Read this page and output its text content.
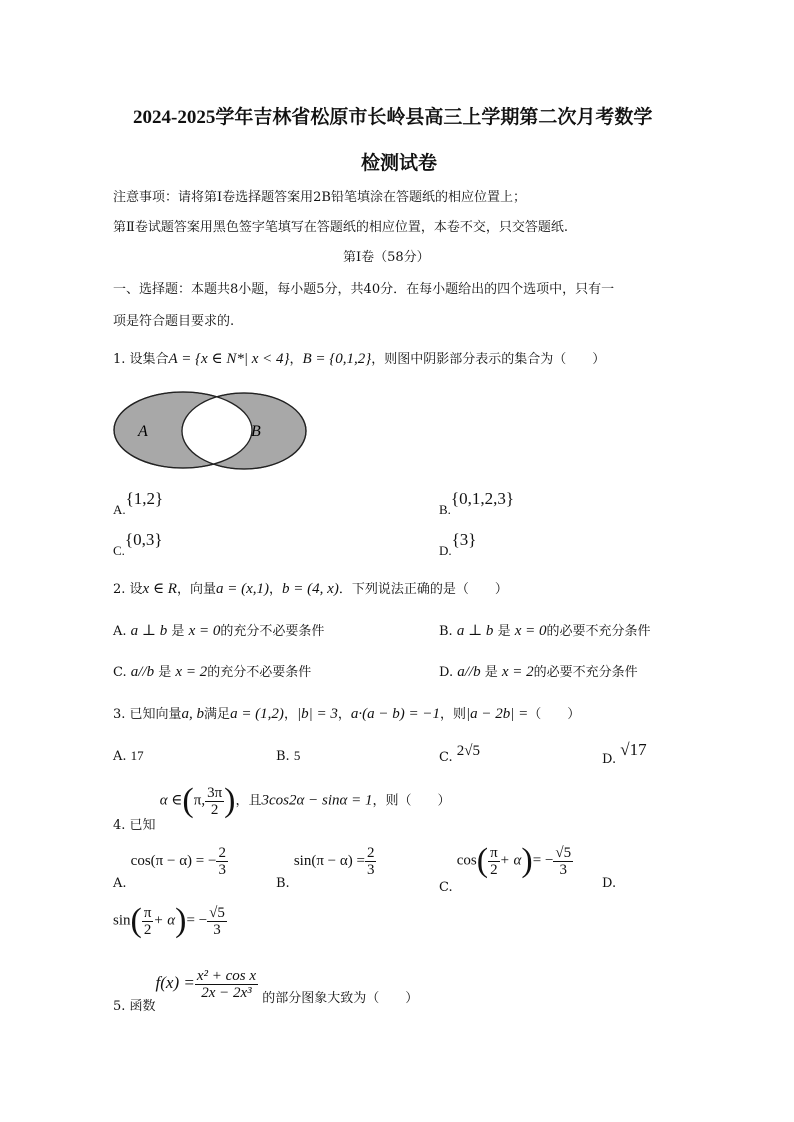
2024-2025学年吉林省松原市长岭县高三上学期第二次月考数学
检测试卷
注意事项：请将第Ⅰ卷选择题答案用2B铅笔填涂在答题纸的相应位置上；
第Ⅱ卷试题答案用黑色签字笔填写在答题纸的相应位置，本卷不交，只交答题纸.
第Ⅰ卷（58分）
一、选择题：本题共8小题，每小题5分，共40分．在每小题给出的四个选项中，只有一
项是符合题目要求的.
1. 设集合A = {x ∈ N*| x < 4}，B = {0,1,2}，则图中阴影部分表示的集合为（　　）
A	B
A.{1,2}
B.{0,1,2,3}
C.{0,3}
D.{3}
2. 设x ∈ R，向量a = (x,1)，b = (4, x)．下列说法正确的是（　　）
A. a ⊥ b 是 x = 0的充分不必要条件	B. a ⊥ b 是 x = 0的必要不充分条件
C. a//b 是 x = 2的充分不必要条件	D. a//b 是 x = 2的必要不充分条件
3. 已知向量a, b满足a = (1,2)，|b| = 3，a·(a − b) = −1，则|a − 2b| =（　　）
A. 17	B. 5	C. 2√5
D. √17
4. 已知 α ∈(π, $\frac{3\pi}{2}$ )，且3cos2α − sinα = 1，则（　　）
A. cos(π − α) = − $\frac{2}{3}$
B. $\sin(\pi - \alpha) = \frac{2}{3}$
C. $\cos( \frac{\pi}{2} + \alpha)= - \frac{√5}{3}$
D.
$\sin( \frac{\pi}{2} + \alpha)= - \frac{√5}{3}$
5. 函数$f(x) = \frac{\text{x² + cos x}}{\text{2x − 2x³}}$ 的部分图象大致为（　　）
